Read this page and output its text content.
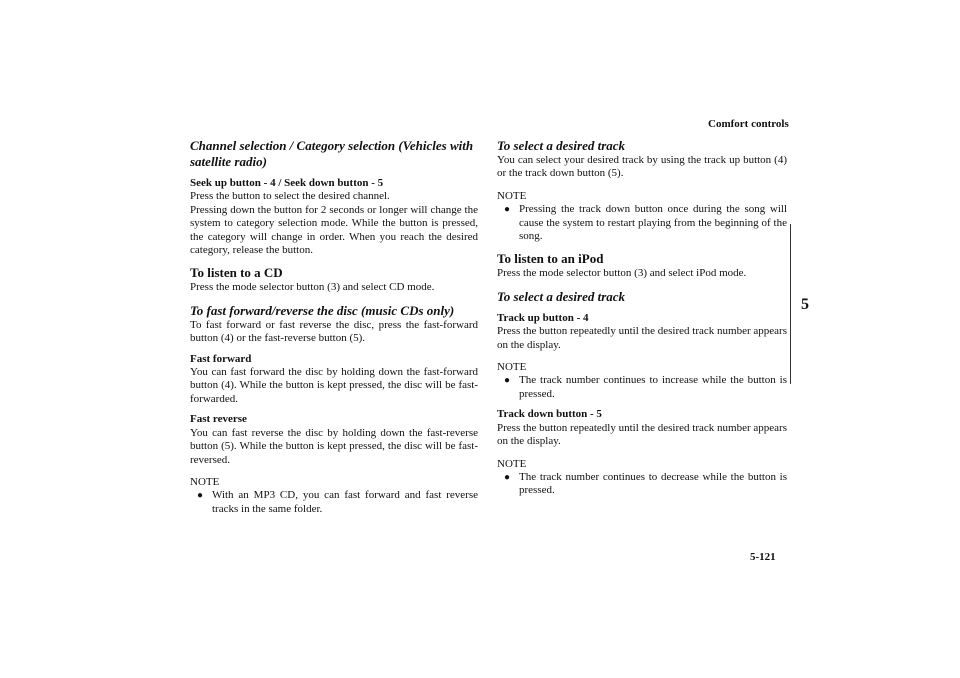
Comfort controls
5
Channel selection / Category selection (Vehicles with satellite radio)
Seek up button - 4 / Seek down button - 5

Press the button to select the desired channel.

Pressing down the button for 2 seconds or longer will change the system to category selection mode. While the button is pressed, the category will change in order. When you reach the desired category, release the button.

To listen to a CD

Press the mode selector button (3) and select CD mode.

To fast forward/reverse the disc (music CDs only)

To fast forward or fast reverse the disc, press the fast-forward button (4) or the fast-reverse button (5).

Fast forward

You can fast forward the disc by holding down the fast-forward button (4). While the button is kept pressed, the disc will be fast-forwarded.

Fast reverse

You can fast reverse the disc by holding down the fast-reverse button (5). While the button is kept pressed, the disc will be fast-reversed.

NOTE
● With an MP3 CD, you can fast forward and fast reverse tracks in the same folder.
To select a desired track

You can select your desired track by using the track up button (4) or the track down button (5).

NOTE
● Pressing the track down button once during the song will cause the system to restart playing from the beginning of the song.
To listen to an iPod

Press the mode selector button (3) and select iPod mode.

To select a desired track
Track up button - 4

Press the button repeatedly until the desired track number appears on the display.

NOTE
● The track number continues to increase while the button is pressed.
Track down button - 5

Press the button repeatedly until the desired track number appears on the display.

NOTE
● The track number continues to decrease while the button is pressed.
5-121
